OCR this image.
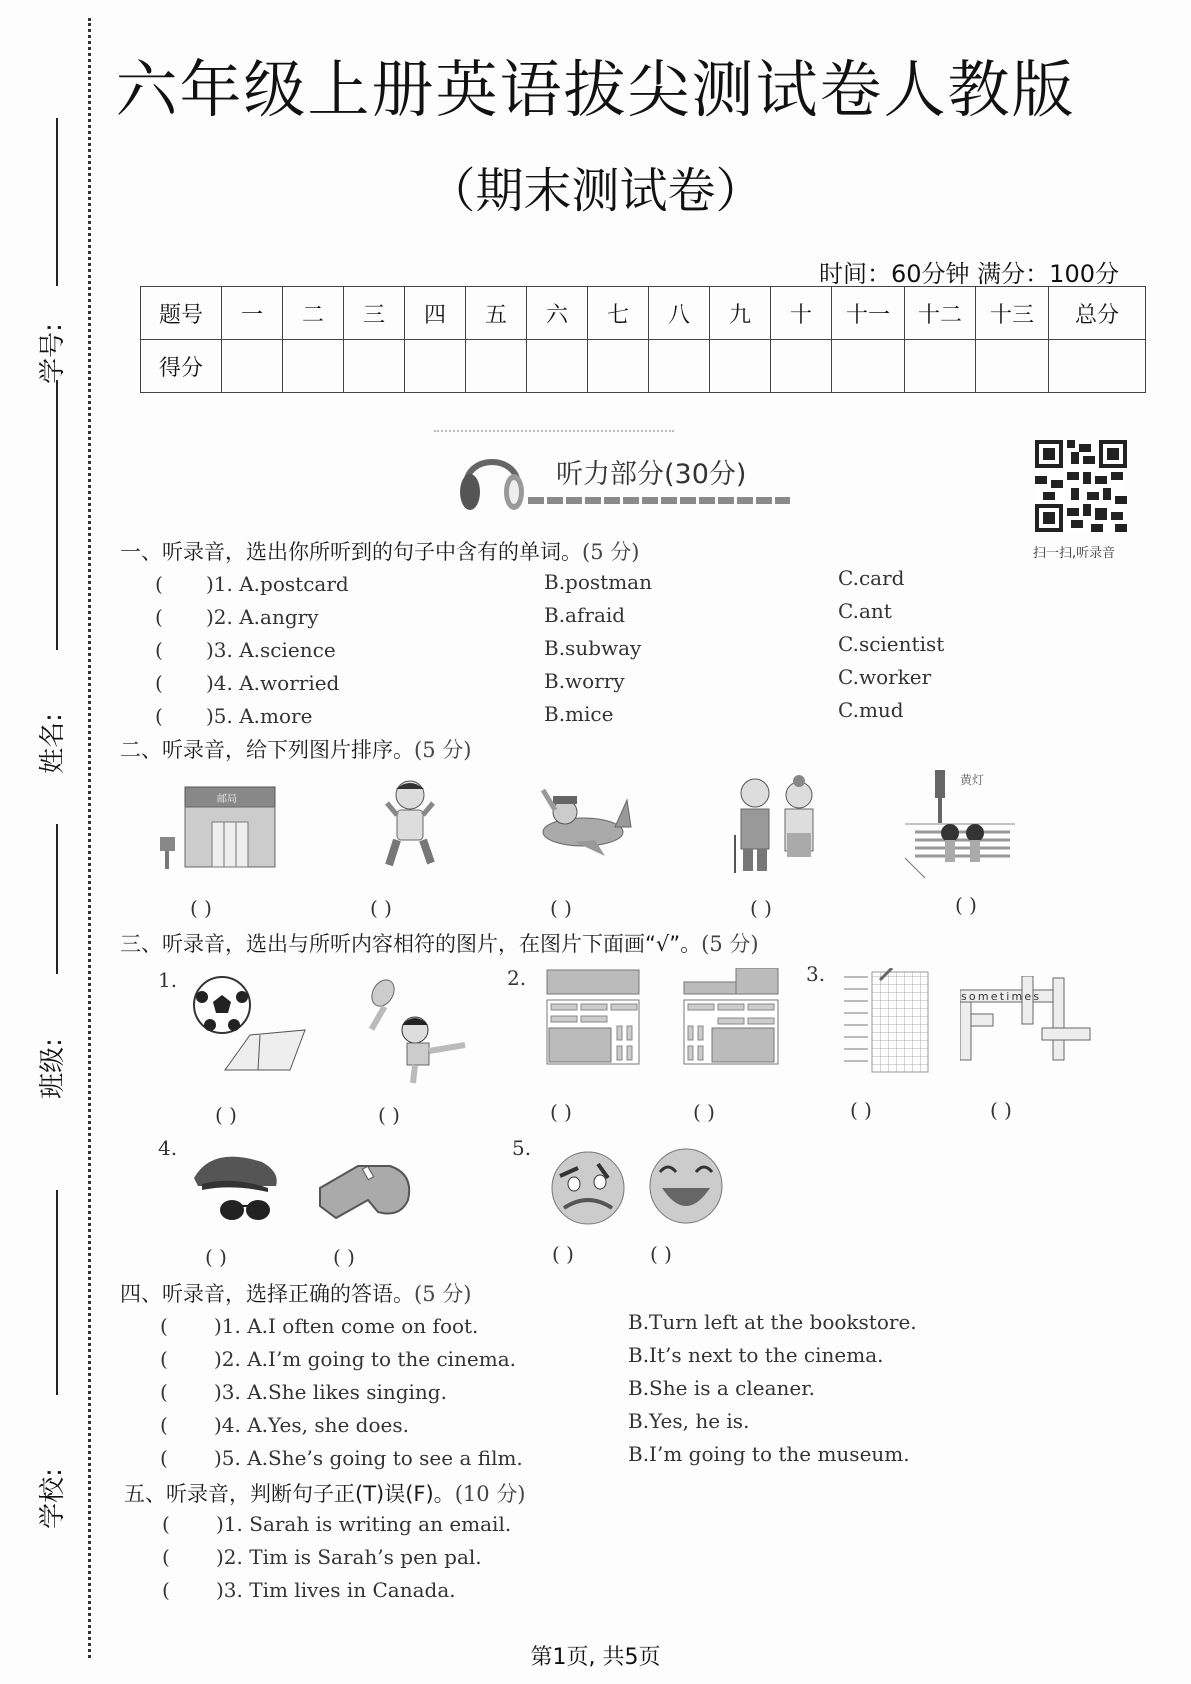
学号:
姓名:
班级:
学校:
六年级上册英语拔尖测试卷人教版
（期末测试卷）
时间：60分钟 满分：100分
题号	一	二	三	四	五	六	七	八	九	十	十一	十二	十三	总分
得分														
听力部分(30分)
扫一扫,听录音
一、听录音，选出你所听到的句子中含有的单词。(5 分)
( )1. A.postcard	B.postman	C.card
( )2. A.angry	B.afraid	C.ant
( )3. A.science	B.subway	C.scientist
( )4. A.worried	B.worry	C.worker
( )5. A.more	B.mice	C.mud
二、听录音，给下列图片排序。(5 分)
邮局
黄灯
( )	( )	( )	( )	( )
三、听录音，选出与所听内容相符的图片，在图片下面画“√”。(5 分)
1.	2.	3.
sometimes
4.	5.
( )	( )	( )	( )	( )	( )
( )	( )	( )	( )
四、听录音，选择正确的答语。(5 分)
( )1. A.I often come on foot.	B.Turn left at the bookstore.
( )2. A.I’m going to the cinema.	B.It’s next to the cinema.
( )3. A.She likes singing.	B.She is a cleaner.
( )4. A.Yes, she does.	B.Yes, he is.
( )5. A.She’s going to see a film.	B.I’m going to the museum.
五、听录音，判断句子正(T)误(F)。(10 分)
( )1. Sarah is writing an email.
( )2. Tim is Sarah’s pen pal.
( )3. Tim lives in Canada.
第1页, 共5页
